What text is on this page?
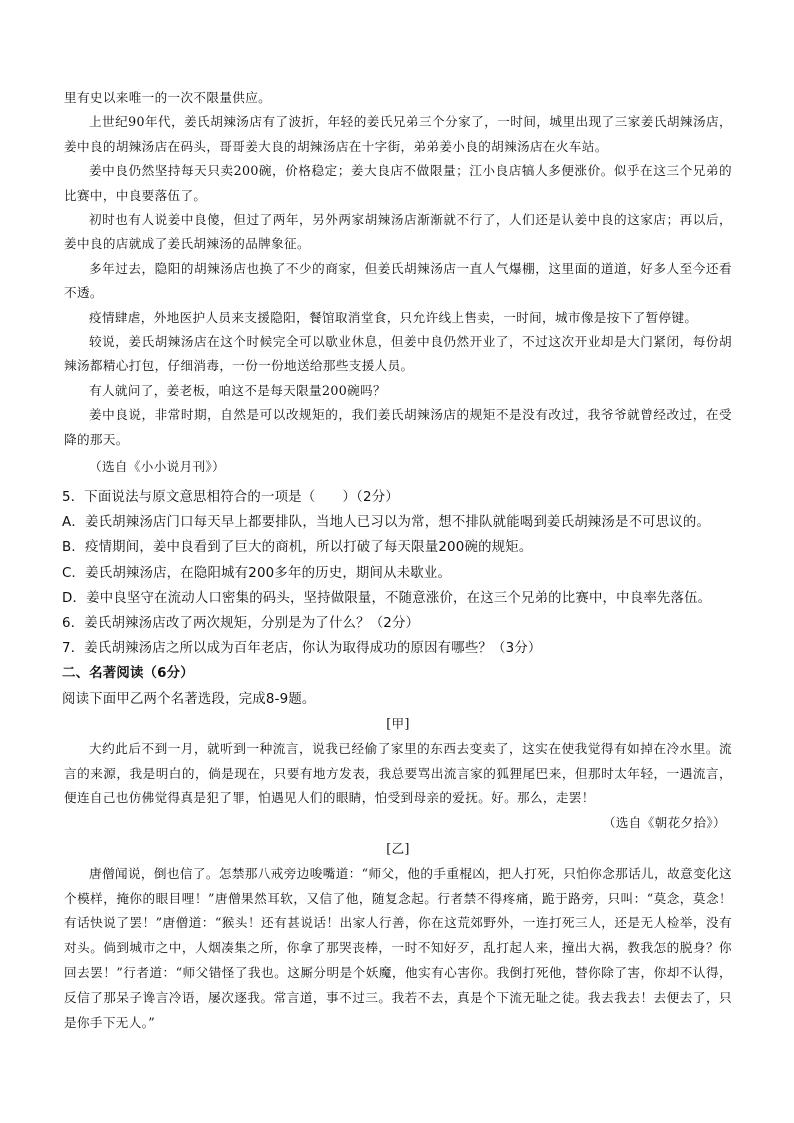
里有史以来唯一的一次不限量供应。

上世纪90年代，姜氏胡辣汤店有了波折，年轻的姜氏兄弟三个分家了，一时间，城里出现了三家姜氏胡辣汤店，姜中良的胡辣汤店在码头，哥哥姜大良的胡辣汤店在十字街，弟弟姜小良的胡辣汤店在火车站。

姜中良仍然坚持每天只卖200碗，价格稳定；姜大良店不做限量；江小良店犒人多便涨价。似乎在这三个兄弟的比赛中，中良要落伍了。

初时也有人说姜中良傻，但过了两年，另外两家胡辣汤店渐渐就不行了，人们还是认姜中良的这家店；再以后，姜中良的店就成了姜氏胡辣汤的品牌象征。

多年过去，隐阳的胡辣汤店也换了不少的商家，但姜氏胡辣汤店一直人气爆棚，这里面的道道，好多人至今还看不透。

疫情肆虐，外地医护人员来支援隐阳，餐馆取消堂食，只允许线上售卖，一时间，城市像是按下了暂停键。

较说，姜氏胡辣汤店在这个时候完全可以歇业休息，但姜中良仍然开业了，不过这次开业却是大门紧闭，每份胡辣汤都精心打包，仔细消毒，一份一份地送给那些支援人员。

有人就问了，姜老板，咱这不是每天限量200碗吗？

姜中良说，非常时期，自然是可以改规矩的，我们姜氏胡辣汤店的规矩不是没有改过，我爷爷就曾经改过，在受降的那天。

（选自《小小说月刊》）

5．下面说法与原文意思相符合的一项是（　　）（2分）

A．姜氏胡辣汤店门口每天早上都要排队，当地人已习以为常，想不排队就能喝到姜氏胡辣汤是不可思议的。

B．疫情期间，姜中良看到了巨大的商机，所以打破了每天限量200碗的规矩。

C．姜氏胡辣汤店，在隐阳城有200多年的历史，期间从未歇业。

D．姜中良坚守在流动人口密集的码头，坚持做限量，不随意涨价，在这三个兄弟的比赛中，中良率先落伍。

6．姜氏胡辣汤店改了两次规矩，分别是为了什么？（2分）

7．姜氏胡辣汤店之所以成为百年老店，你认为取得成功的原因有哪些？（3分）

二、名著阅读（6分）

阅读下面甲乙两个名著选段，完成8-9题。

[甲]

大约此后不到一月，就听到一种流言，说我已经偷了家里的东西去变卖了，这实在使我觉得有如掉在冷水里。流言的来源，我是明白的，倘是现在，只要有地方发表，我总要骂出流言家的狐狸尾巴来，但那时太年轻，一遇流言，便连自己也仿佛觉得真是犯了罪，怕遇见人们的眼睛，怕受到母亲的爱抚。好。那么，走罢！

（选自《朝花夕拾》）

[乙]

唐僧闻说，倒也信了。怎禁那八戒旁边唆嘴道：“师父，他的手重棍凶，把人打死，只怕你念那话儿，故意变化这个模样，掩你的眼目哩！”唐僧果然耳软，又信了他，随复念起。行者禁不得疼痛，跪于路旁，只叫：“莫念，莫念！有话快说了罢！”唐僧道：“猴头！还有甚说话！出家人行善，你在这荒郊野外，一连打死三人，还是无人检举，没有对头。倘到城市之中，人烟凑集之所，你拿了那哭丧棒，一时不知好歹，乱打起人来，撞出大祸，教我怎的脱身？你回去罢！”行者道：“师父错怪了我也。这厮分明是个妖魔，他实有心害你。我倒打死他，替你除了害，你却不认得，反信了那呆子谗言冷语，屡次逐我。常言道，事不过三。我若不去，真是个下流无耻之徒。我去我去！去便去了，只是你手下无人。”
